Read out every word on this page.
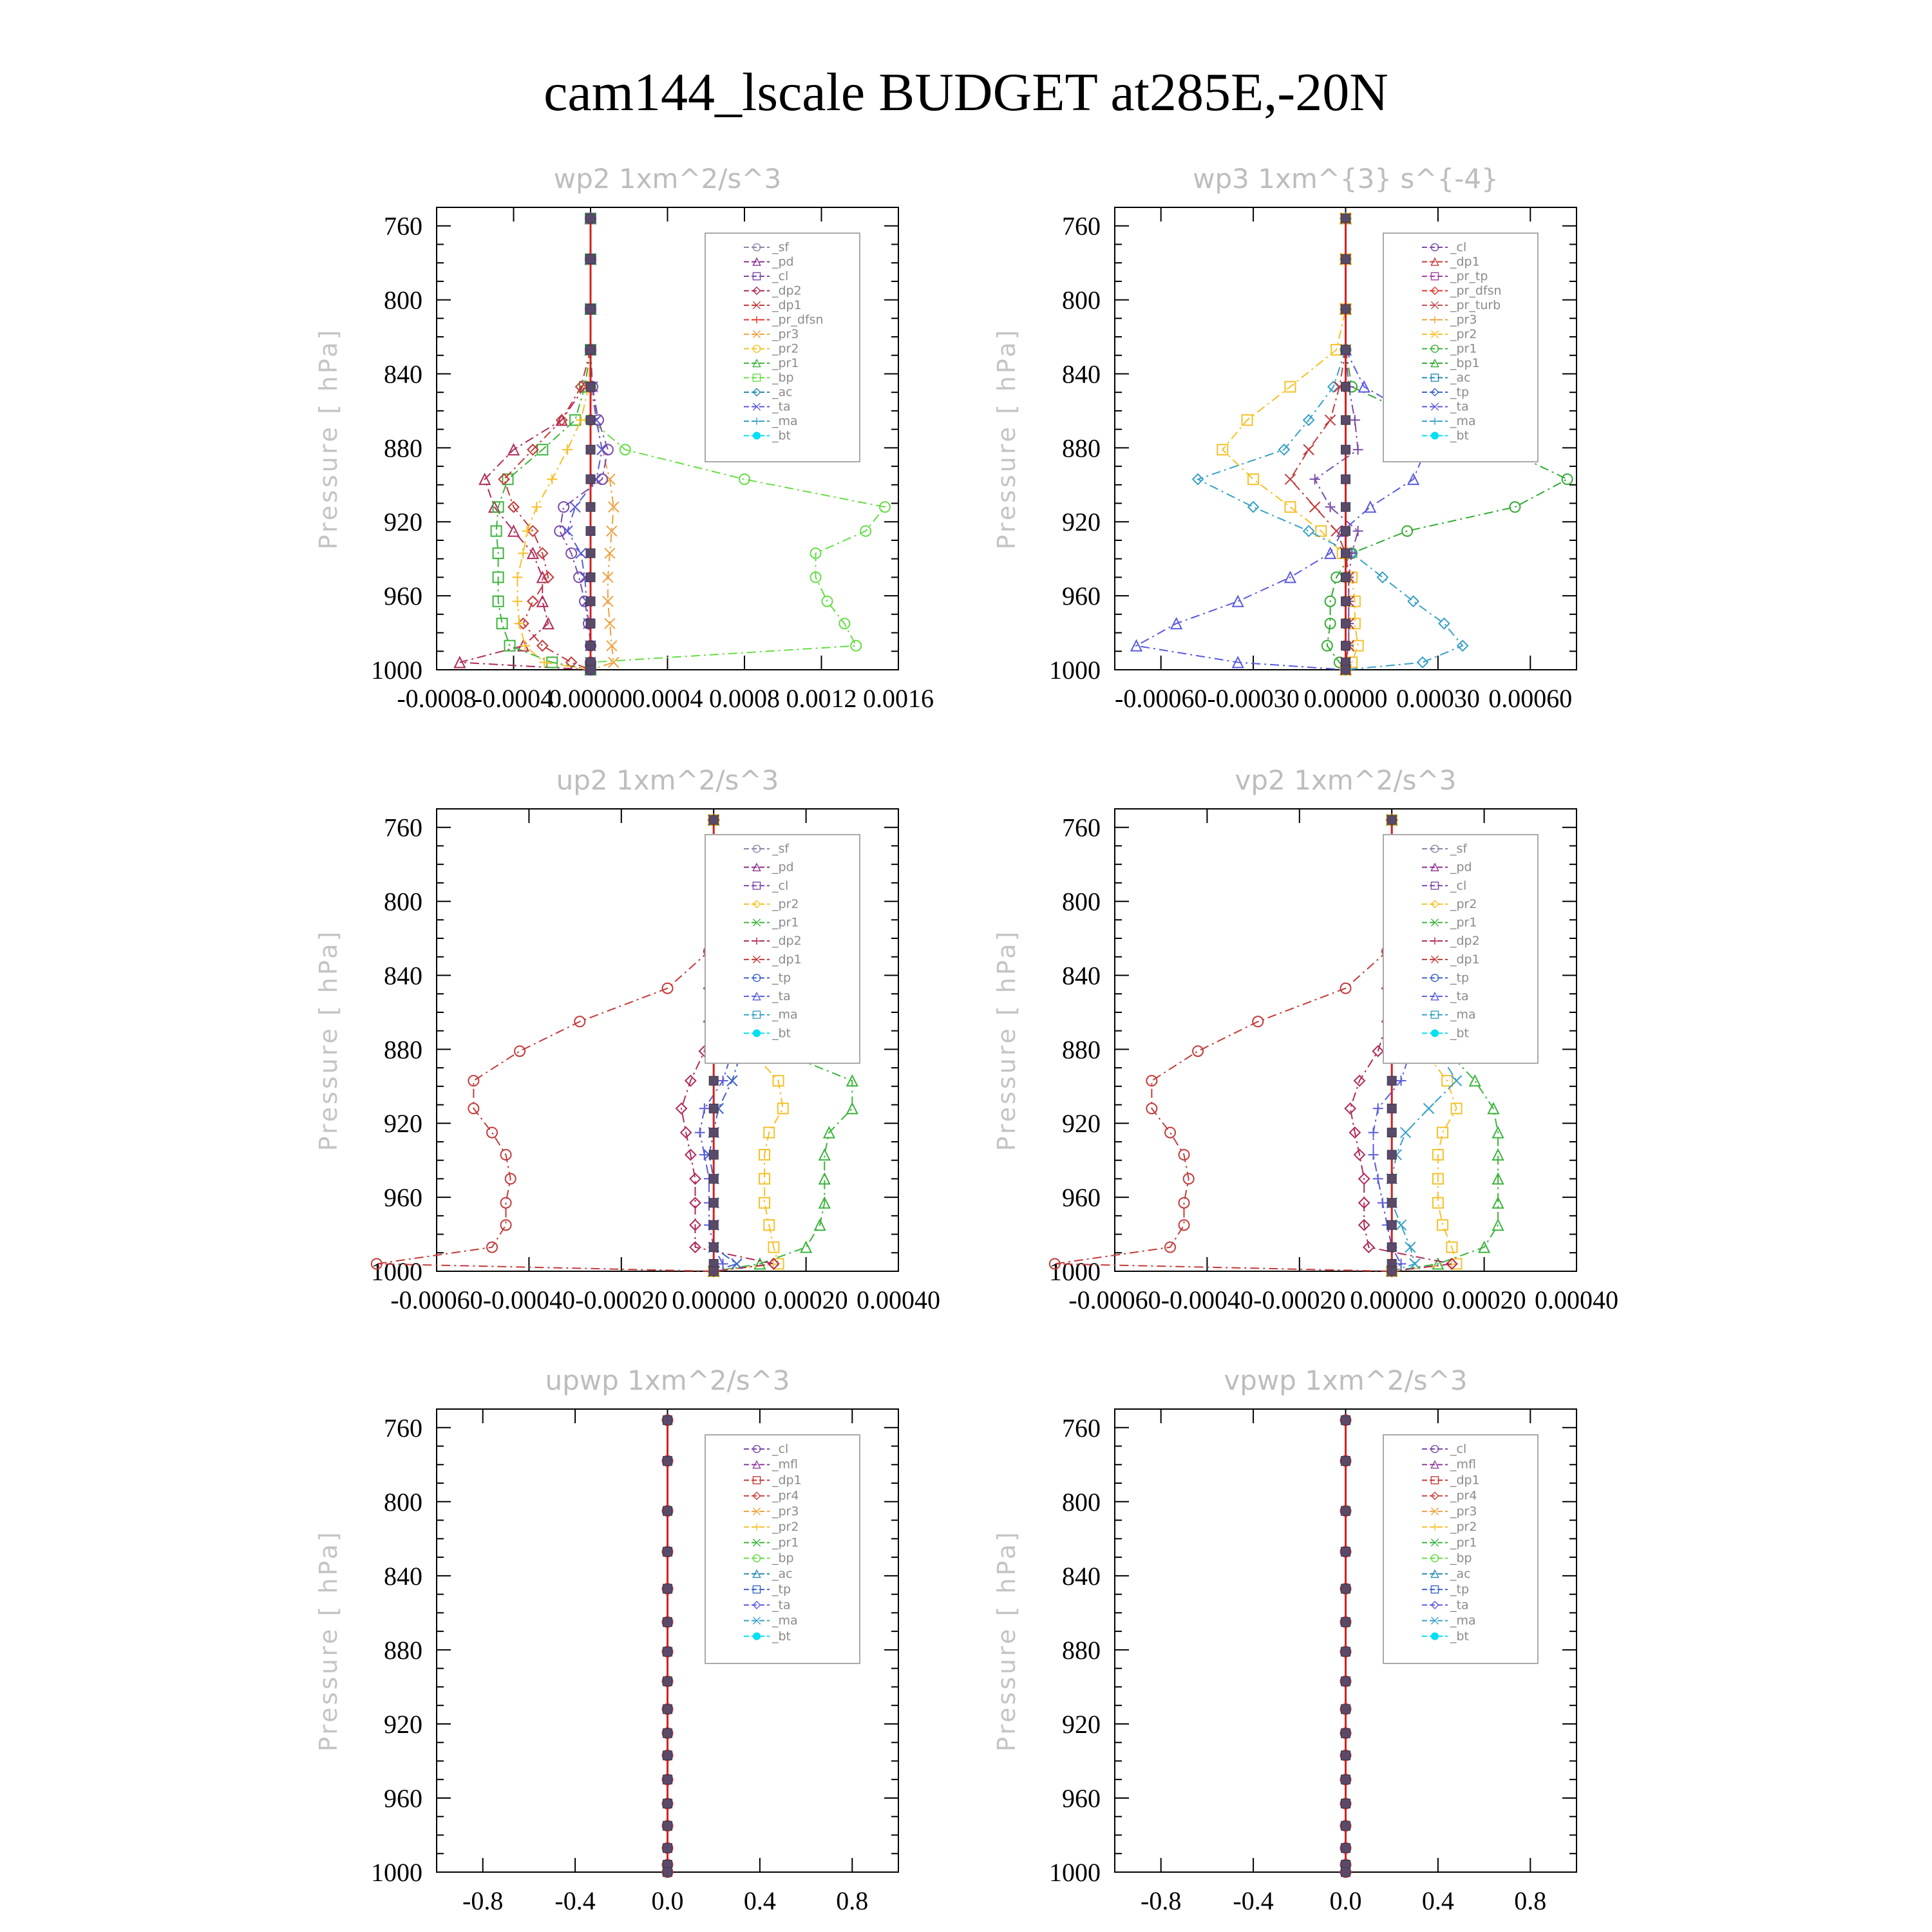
cam144_lscale BUDGET at285E,-20N
wp2 1xm^2/s^3
Pressure [ hPa]
760
800
840
880
920
960
1000
-0.0008
-0.0004
0.00000 0.0004 0.0008 0.0012 0.0016
_sf
_pd
_cl
_dp2
_dp1
_pr_dfsn
_pr3
_pr2
_pr1
_bp
_ac
_ta
_ma
_bt
wp3 1xm^{3} s^{-4}
Pressure [ hPa]
760
800
840
880
920
960
1000
-0.00060 -0.00030 0.00000 0.00030 0.00060
_cl
_dp1
_pr_tp
_pr_dfsn
_pr_turb
_pr3
_pr2
_pr1
_bp1
_ac
_tp
_ta
_ma
_bt
up2 1xm^2/s^3
Pressure [ hPa]
760
800
840
880
920
960
1000
-0.00060 -0.00040 -0.00020 0.00000 0.00020 0.00040
_sf
_pd
_cl
_pr2
_pr1
_dp2
_dp1
_tp
_ta
_ma
_bt
vp2 1xm^2/s^3
Pressure [ hPa]
760
800
840
880
920
960
1000
-0.00060 -0.00040 -0.00020 0.00000 0.00020 0.00040
_sf
_pd
_cl
_pr2
_pr1
_dp2
_dp1
_tp
_ta
_ma
_bt
upwp 1xm^2/s^3
Pressure [ hPa]
760
800
840
880
920
960
1000
-0.8 -0.4 0.0 0.4 0.8
_cl
_mfl
_dp1
_pr4
_pr3
_pr2
_pr1
_bp
_ac
_tp
_ta
_ma
_bt
vpwp 1xm^2/s^3
Pressure [ hPa]
760
800
840
880
920
960
1000
-0.8 -0.4 0.0 0.4 0.8
_cl
_mfl
_dp1
_pr4
_pr3
_pr2
_pr1
_bp
_ac
_tp
_ta
_ma
_bt
